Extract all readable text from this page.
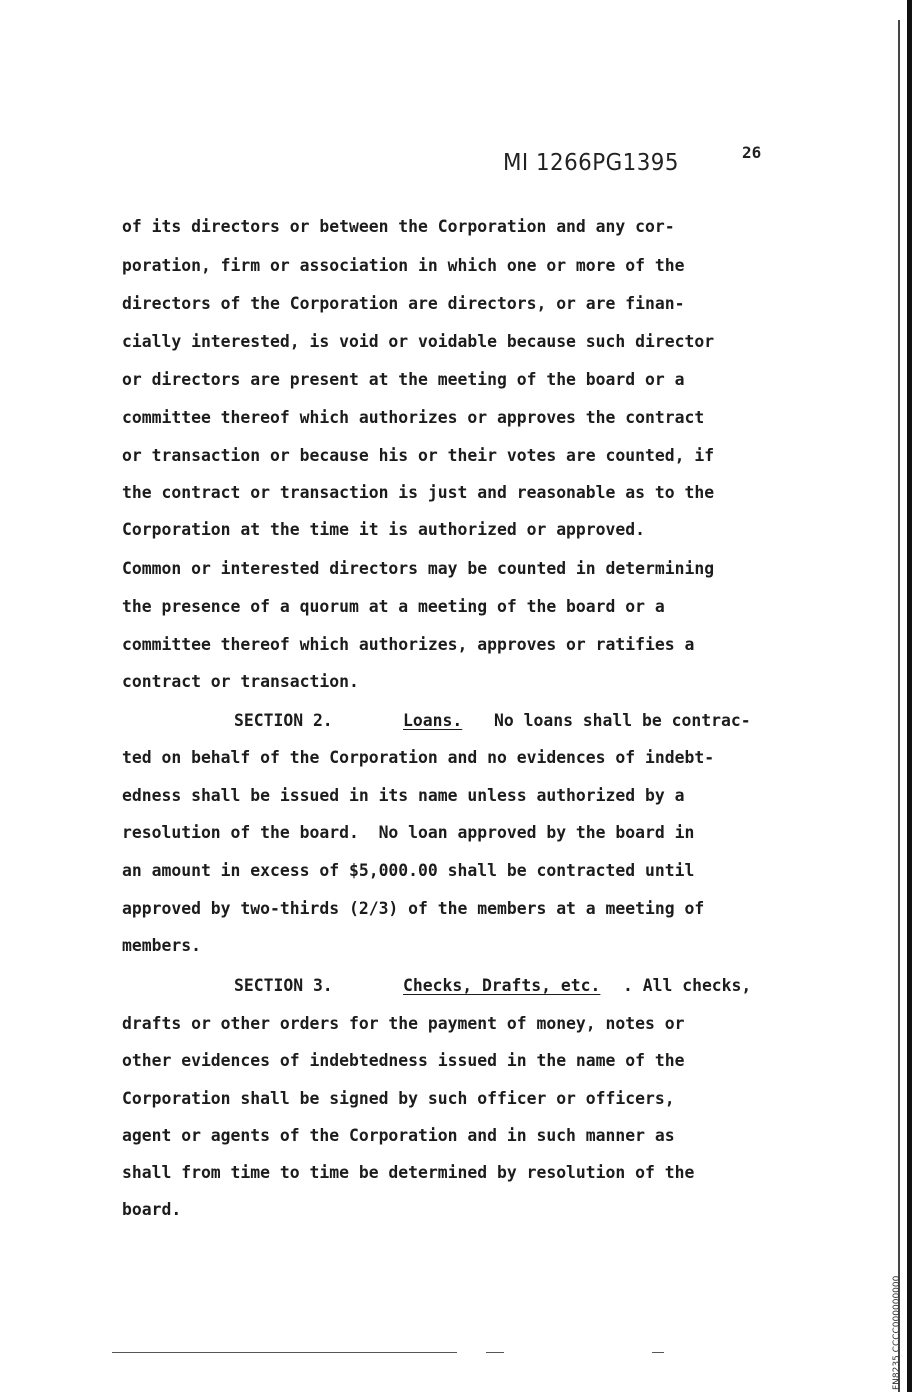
MI 1266PG1395	26
of its directors or between the Corporation and any cor-
poration, firm or association in which one or more of the
directors of the Corporation are directors, or are finan-
cially interested, is void or voidable because such director
or directors are present at the meeting of the board or a
committee thereof which authorizes or approves the contract
or transaction or because his or their votes are counted, if
the contract or transaction is just and reasonable as to the
Corporation at the time it is authorized or approved.
Common or interested directors may be counted in determining
the presence of a quorum at a meeting of the board or a
committee thereof which authorizes, approves or ratifies a
contract or transaction.
SECTION 2.	Loans. No loans shall be contrac-
ted on behalf of the Corporation and no evidences of indebt-
edness shall be issued in its name unless authorized by a
resolution of the board.  No loan approved by the board in
an amount in excess of $5,000.00 shall be contracted until
approved by two-thirds (2/3) of the members at a meeting of
members.
SECTION 3.	Checks, Drafts, etc. . All checks,
drafts or other orders for the payment of money, notes or
other evidences of indebtedness issued in the name of the
Corporation shall be signed by such officer or officers,
agent or agents of the Corporation and in such manner as
shall from time to time be determined by resolution of the
board.
FN8235 CCCC000000000
